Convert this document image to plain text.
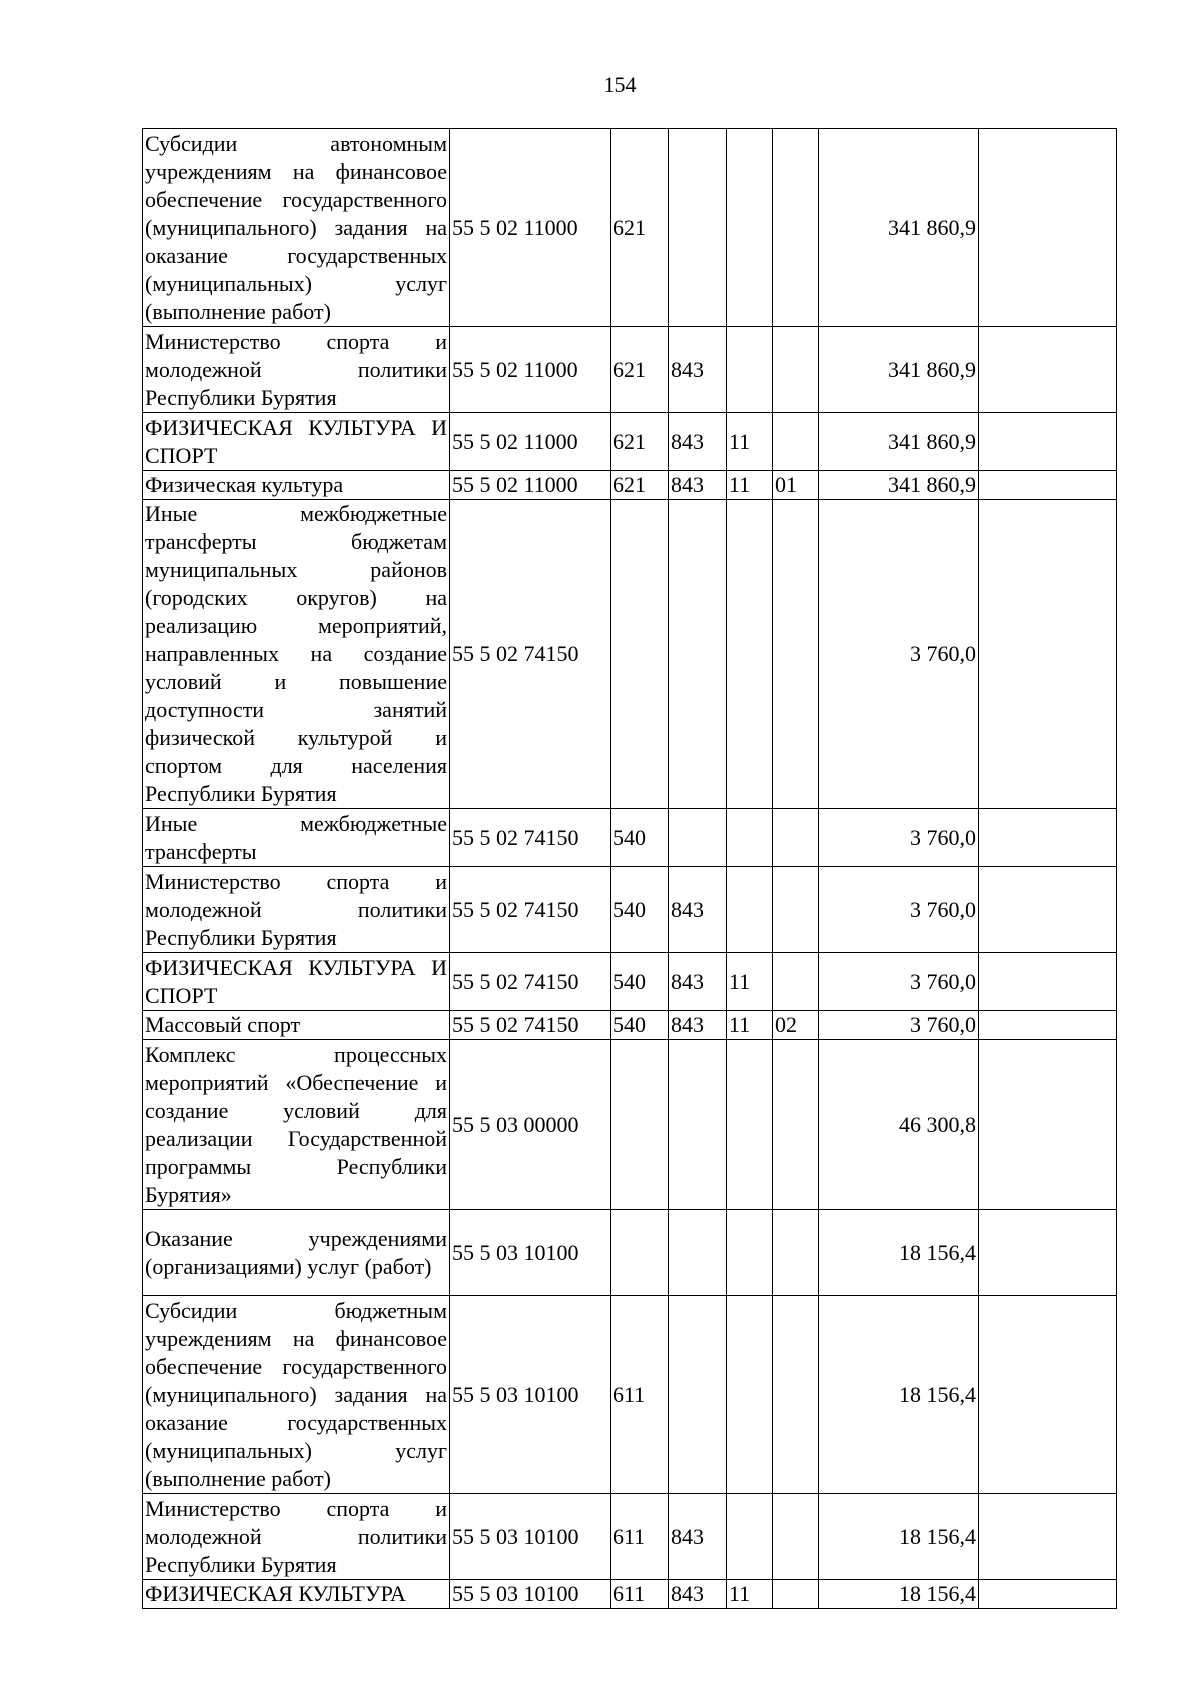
154
Субсидии автономным учреждениям на финансовое обеспечение государственного (муниципального) задания на оказание государственных (муниципальных) услуг (выполнение работ)	55 5 02 11000	621				341 860,9	
Министерство спорта и молодежной политики Республики Бурятия	55 5 02 11000	621	843			341 860,9	
ФИЗИЧЕСКАЯ КУЛЬТУРА И СПОРТ	55 5 02 11000	621	843	11		341 860,9	
Физическая культура	55 5 02 11000	621	843	11	01	341 860,9	
Иные межбюджетные трансферты бюджетам муниципальных районов (городских округов) на реализацию мероприятий, направленных на создание условий и повышение доступности занятий физической культурой и спортом для населения Республики Бурятия	55 5 02 74150					3 760,0	
Иные межбюджетные трансферты	55 5 02 74150	540				3 760,0	
Министерство спорта и молодежной политики Республики Бурятия	55 5 02 74150	540	843			3 760,0	
ФИЗИЧЕСКАЯ КУЛЬТУРА И СПОРТ	55 5 02 74150	540	843	11		3 760,0	
Массовый спорт	55 5 02 74150	540	843	11	02	3 760,0	
Комплекс процессных мероприятий «Обеспечение и создание условий для реализации Государственной программы Республики Бурятия»	55 5 03 00000					46 300,8	
Оказание учреждениями (организациями) услуг (работ)	55 5 03 10100					18 156,4	
Субсидии бюджетным учреждениям на финансовое обеспечение государственного (муниципального) задания на оказание государственных (муниципальных) услуг (выполнение работ)	55 5 03 10100	611				18 156,4	
Министерство спорта и молодежной политики Республики Бурятия	55 5 03 10100	611	843			18 156,4	
ФИЗИЧЕСКАЯ КУЛЬТУРА	55 5 03 10100	611	843	11		18 156,4	
